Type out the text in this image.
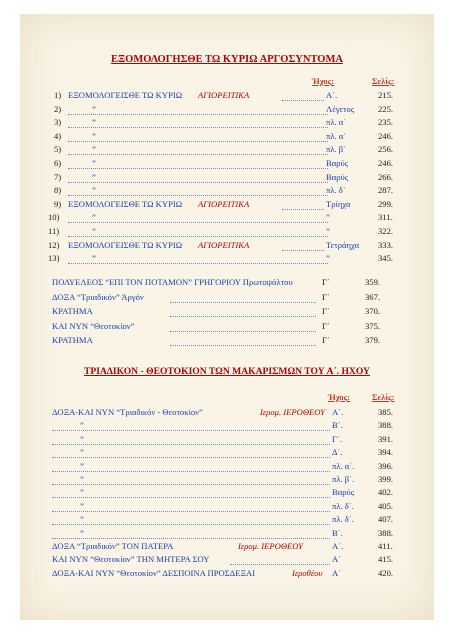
ΕΞΟΜΟΛΟΓΗΣΘΕ ΤΩ ΚΥΡΙΩ ΑΡΓΟΣΥΝΤΟΜΑ
Ήχος:	Σελίς:
1) ΕΞΟΜΟΛΟΓΕΙΣΘΕ ΤΩ ΚΥΡΙΩ ΑΓΙΟΡΕΙΤΙΚΑ	Α΄.	215.
2)	”	Λέγετος	225.
3)	”	πλ. α΄	235.
4)	”	πλ. α΄	246.
5)	”	πλ. β΄	256.
6)	”	Βαρύς	246.
7)	”	Βαρύς	266.
8)	”	πλ. δ΄	287.
9) ΕΞΟΜΟΛΟΓΕΙΣΘΕ ΤΩ ΚΥΡΙΩ ΑΓΙΟΡΕΙΤΙΚΑ	Τρίηχα	299.
10)	”	”	311.
11)	”	”	322.
12) ΕΞΟΜΟΛΟΓΕΙΣΘΕ ΤΩ ΚΥΡΙΩ ΑΓΙΟΡΕΙΤΙΚΑ	Τετράηχα 333.
13)	”	”	345.
ΠΟΛΥΕΛΕΟΣ “ΕΠΙ ΤΟΝ ΠΟΤΑΜΟΝ” ΓΡΗΓΟΡΙΟΥ Πρωτοψάλτου	Γ΄	359.
ΔΟΞΑ “Τριαδικόν” Άργόν	Γ΄	367.
ΚΡΑΤΗΜΑ	Γ΄	370.
ΚΑΙ ΝΥΝ “Θεοτοκίον”	Γ΄	375.
ΚΡΑΤΗΜΑ	Γ΄	379.
ΤΡΙΑΔΙΚΟΝ - ΘΕΟΤΟΚΙΟΝ ΤΩΝ ΜΑΚΑΡΙΣΜΩΝ ΤΟΥ Α΄. ΗΧΟΥ
Ήχος:	Σελίς:
ΔΟΞΑ-ΚΑΙ ΝΥΝ “Τριαδικόν - Θεοτοκίον”	Ιερομ. ΙΕΡΟΘΕΟΥ Α΄.	385.
”	Β΄.	388.
”	Γ΄.	391.
”	Δ΄.	394.
”	πλ. α΄.	396.
”	πλ. β΄.	399.
”	Βαρύς	402.
”	πλ. δ΄.	405.
”	πλ. δ΄.	407.
”	Β΄.	388.
ΔΟΞΑ “Τριαδικόν” ΤΟΝ ΠΑΤΕΡΑ	Ιερομ. ΙΕΡΟΘΕΟΥ	Α΄.	411.
ΚΑΙ ΝΥΝ “Θεοτοκίον” ΤΗΝ ΜΗΤΕΡΑ ΣΟΥ	Α΄	415.
ΔΟΞΑ-ΚΑΙ ΝΥΝ “Θεοτοκίον” ΔΕΣΠΟΙΝΑ ΠΡΟΣΔΕΞΑΙ	Ιεροθέου Α΄	420.
